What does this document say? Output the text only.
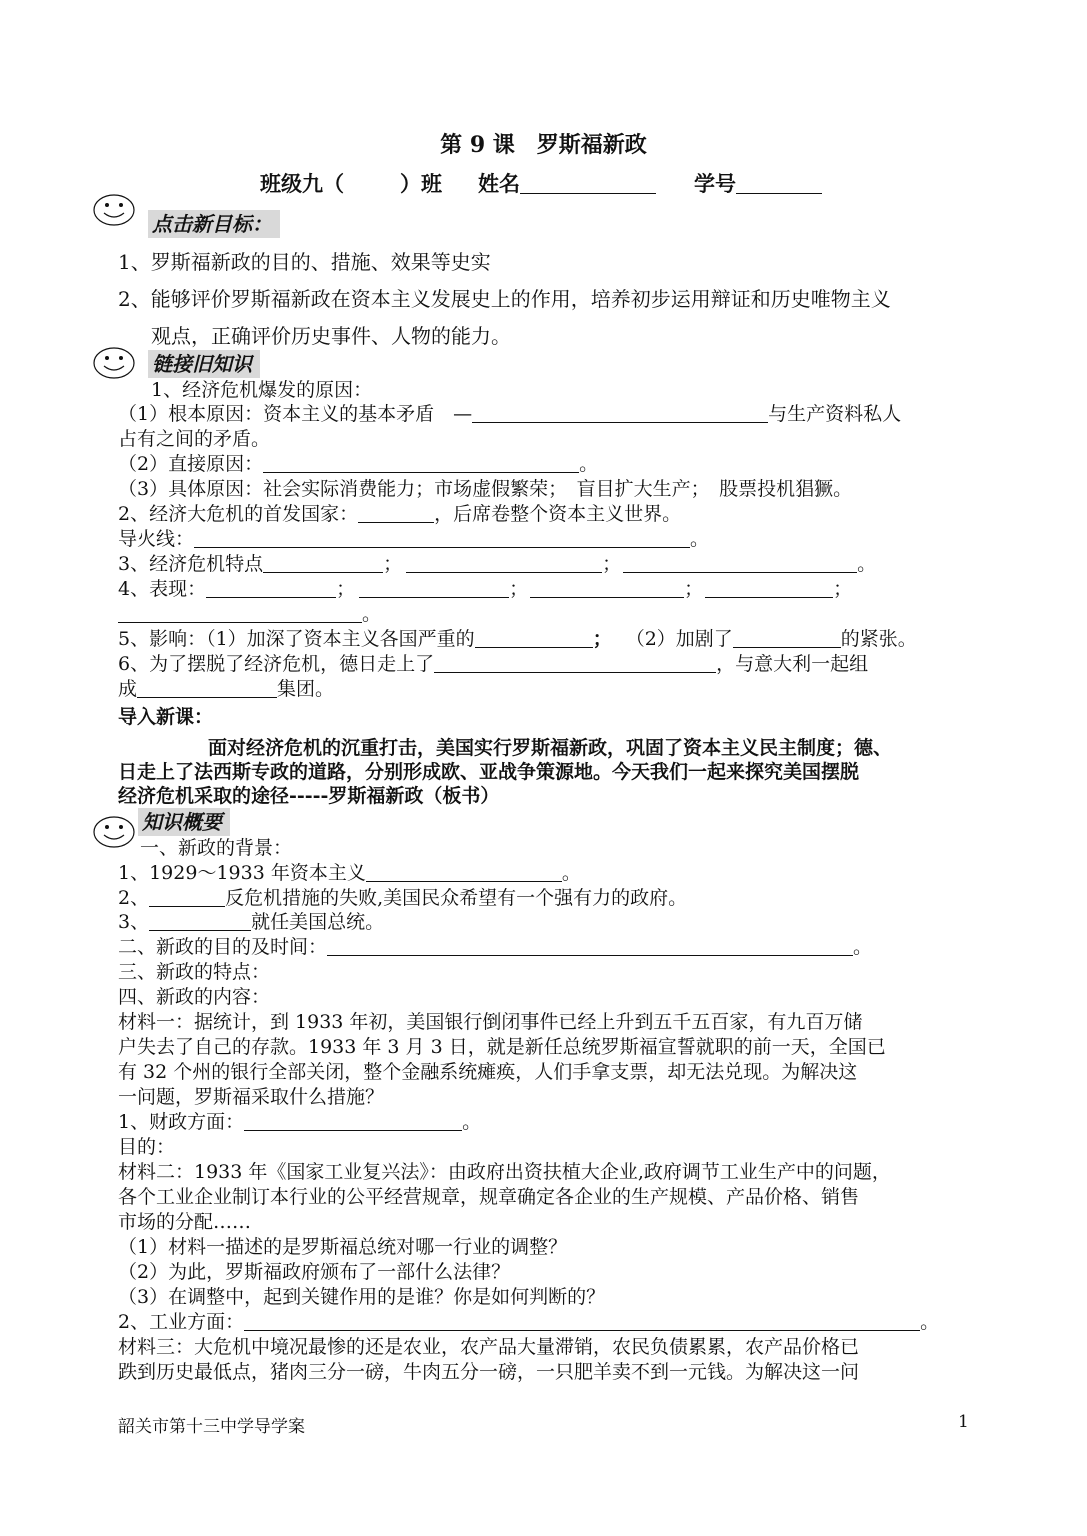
第 9 课　罗斯福新政
班级九（	）班 姓名	学号
点击新目标：
1、罗斯福新政的目的、措施、效果等史实
2、能够评价罗斯福新政在资本主义发展史上的作用，培养初步运用辩证和历史唯物主义
观点，正确评价历史事件、人物的能力。
链接旧知识
1、经济危机爆发的原因：
（1）根本原因：资本主义的基本矛盾　—	与生产资料私人
占有之间的矛盾。
（2）直接原因：	。
（3）具体原因：社会实际消费能力；市场虚假繁荣；　盲目扩大生产；　股票投机猖獗。
2、经济大危机的首发国家：	，后席卷整个资本主义世界。
导火线：	。
3、经济危机特点	；	；	。
4、表现：	；	；	；	；
。
5、影响：（1）加深了资本主义各国严重的	； （2）加剧了	的紧张。
6、为了摆脱了经济危机，德日走上了	，与意大利一起组
成	集团。
导入新课：
面对经济危机的沉重打击，美国实行罗斯福新政，巩固了资本主义民主制度；德、
日走上了法西斯专政的道路，分别形成欧、亚战争策源地。今天我们一起来探究美国摆脱
经济危机采取的途径-----罗斯福新政（板书）
知识概要
一、新政的背景：
1、1929～1933 年资本主义	。
2、	反危机措施的失败,美国民众希望有一个强有力的政府。
3、	就任美国总统。
二、新政的目的及时间：	。
三、新政的特点：
四、新政的内容：
材料一：据统计，到 1933 年初，美国银行倒闭事件已经上升到五千五百家，有九百万储
户失去了自己的存款。1933 年 3 月 3 日，就是新任总统罗斯福宣誓就职的前一天，全国已
有 32 个州的银行全部关闭，整个金融系统瘫痪，人们手拿支票，却无法兑现。为解决这
一问题，罗斯福采取什么措施？
1、财政方面：	。
目的：
材料二：1933 年《国家工业复兴法》：由政府出资扶植大企业,政府调节工业生产中的问题，
各个工业企业制订本行业的公平经营规章，规章确定各企业的生产规模、产品价格、销售
市场的分配……
（1）材料一描述的是罗斯福总统对哪一行业的调整？
（2）为此，罗斯福政府颁布了一部什么法律？
（3）在调整中，起到关键作用的是谁？你是如何判断的？
2、工业方面：	。
材料三：大危机中境况最惨的还是农业，农产品大量滞销，农民负债累累，农产品价格已
跌到历史最低点，猪肉三分一磅，牛肉五分一磅，一只肥羊卖不到一元钱。为解决这一问
韶关市第十三中学导学案	1
